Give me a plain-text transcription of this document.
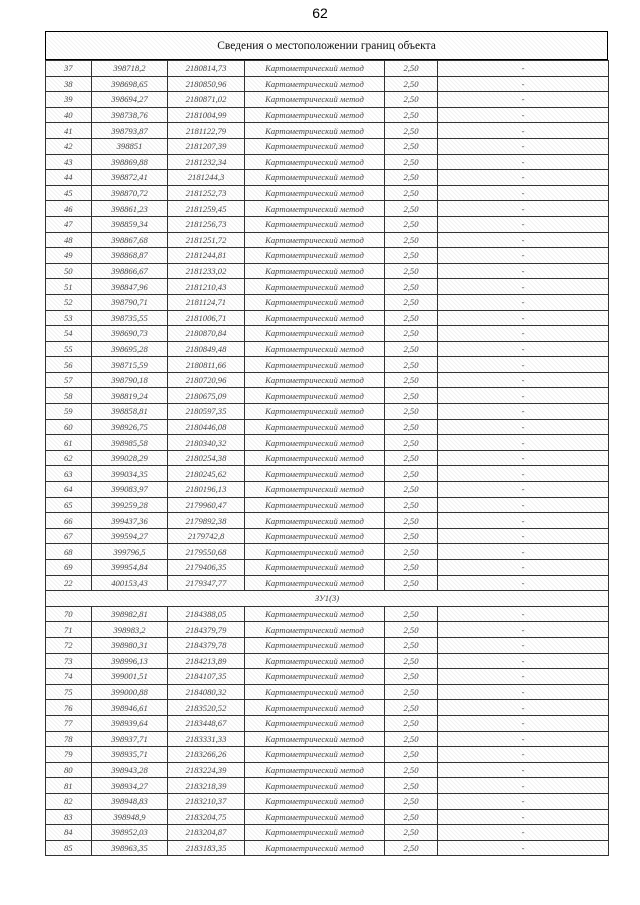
62
Сведения о местоположении границ объекта
37	398718,2	2180814,73	Картометрический метод	2,50	-
38	398698,65	2180850,96	Картометрический метод	2,50	-
39	398694,27	2180871,02	Картометрический метод	2,50	-
40	398738,76	2181004,99	Картометрический метод	2,50	-
41	398793,87	2181122,79	Картометрический метод	2,50	-
42	398851	2181207,39	Картометрический метод	2,50	-
43	398869,88	2181232,34	Картометрический метод	2,50	-
44	398872,41	2181244,3	Картометрический метод	2,50	-
45	398870,72	2181252,73	Картометрический метод	2,50	-
46	398861,23	2181259,45	Картометрический метод	2,50	-
47	398859,34	2181256,73	Картометрический метод	2,50	-
48	398867,68	2181251,72	Картометрический метод	2,50	-
49	398868,87	2181244,81	Картометрический метод	2,50	-
50	398866,67	2181233,02	Картометрический метод	2,50	-
51	398847,96	2181210,43	Картометрический метод	2,50	-
52	398790,71	2181124,71	Картометрический метод	2,50	-
53	398735,55	2181006,71	Картометрический метод	2,50	-
54	398690,73	2180870,84	Картометрический метод	2,50	-
55	398695,28	2180849,48	Картометрический метод	2,50	-
56	398715,59	2180811,66	Картометрический метод	2,50	-
57	398790,18	2180720,96	Картометрический метод	2,50	-
58	398819,24	2180675,09	Картометрический метод	2,50	-
59	398858,81	2180597,35	Картометрический метод	2,50	-
60	398926,75	2180446,08	Картометрический метод	2,50	-
61	398985,58	2180340,32	Картометрический метод	2,50	-
62	399028,29	2180254,38	Картометрический метод	2,50	-
63	399034,35	2180245,62	Картометрический метод	2,50	-
64	399083,97	2180196,13	Картометрический метод	2,50	-
65	399259,28	2179960,47	Картометрический метод	2,50	-
66	399437,36	2179892,38	Картометрический метод	2,50	-
67	399594,27	2179742,8	Картометрический метод	2,50	-
68	399796,5	2179550,68	Картометрический метод	2,50	-
69	399954,84	2179406,35	Картометрический метод	2,50	-
22	400153,43	2179347,77	Картометрический метод	2,50	-
ЗУ1(3)					
70	398982,81	2184388,05	Картометрический метод	2,50	-
71	398983,2	2184379,79	Картометрический метод	2,50	-
72	398980,31	2184379,78	Картометрический метод	2,50	-
73	398996,13	2184213,89	Картометрический метод	2,50	-
74	399001,51	2184107,35	Картометрический метод	2,50	-
75	399000,88	2184080,32	Картометрический метод	2,50	-
76	398946,61	2183520,52	Картометрический метод	2,50	-
77	398939,64	2183448,67	Картометрический метод	2,50	-
78	398937,71	2183331,33	Картометрический метод	2,50	-
79	398935,71	2183266,26	Картометрический метод	2,50	-
80	398943,28	2183224,39	Картометрический метод	2,50	-
81	398934,27	2183218,39	Картометрический метод	2,50	-
82	398948,83	2183210,37	Картометрический метод	2,50	-
83	398948,9	2183204,75	Картометрический метод	2,50	-
84	398952,03	2183204,87	Картометрический метод	2,50	-
85	398963,35	2183183,35	Картометрический метод	2,50	-
